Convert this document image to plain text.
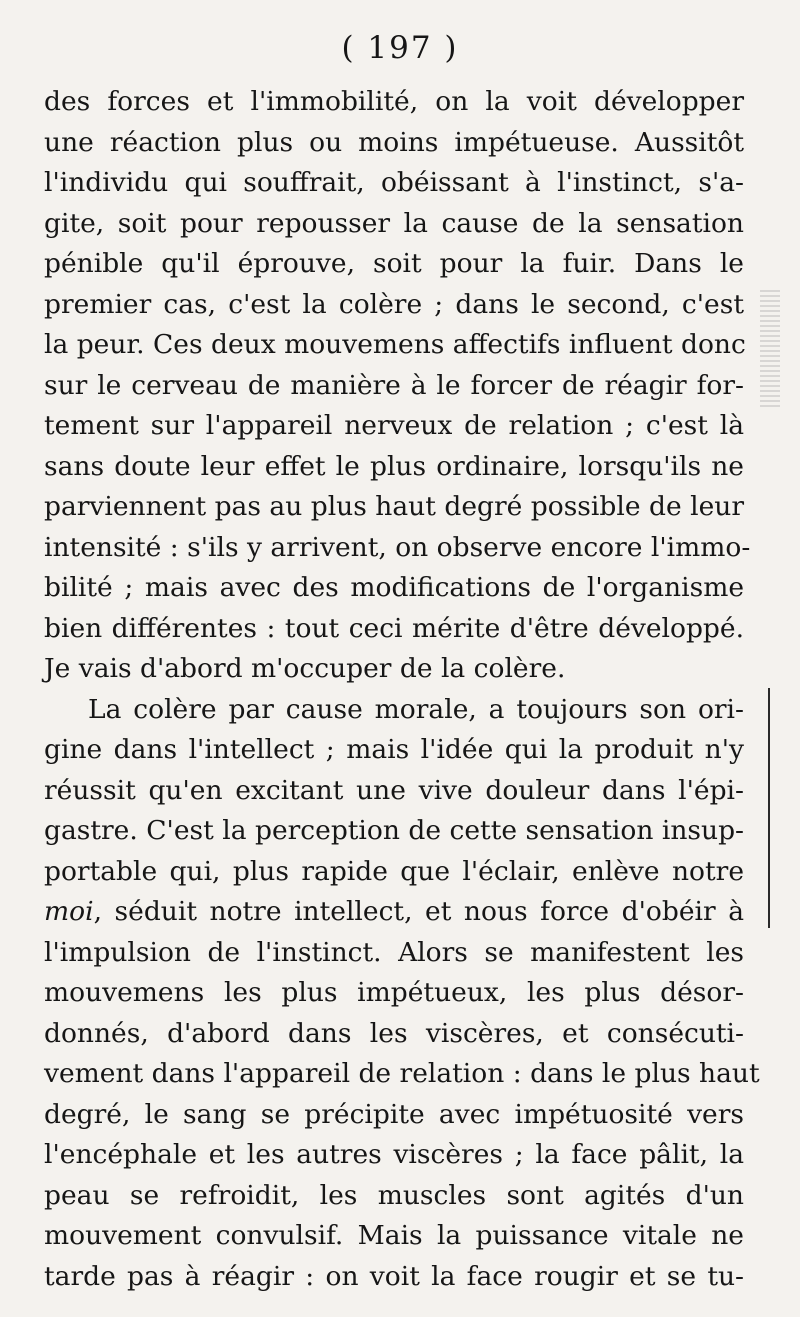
( 197 )
des forces et l'immobilité, on la voit développer
une réaction plus ou moins impétueuse. Aussitôt
l'individu qui souffrait, obéissant à l'instinct, s'a-
gite, soit pour repousser la cause de la sensation
pénible qu'il éprouve, soit pour la fuir. Dans le
premier cas, c'est la colère ; dans le second, c'est
la peur. Ces deux mouvemens affectifs influent donc
sur le cerveau de manière à le forcer de réagir for-
tement sur l'appareil nerveux de relation ; c'est là
sans doute leur effet le plus ordinaire, lorsqu'ils ne
parviennent pas au plus haut degré possible de leur
intensité : s'ils y arrivent, on observe encore l'immo-
bilité ; mais avec des modifications de l'organisme
bien différentes : tout ceci mérite d'être développé.
Je vais d'abord m'occuper de la colère.
La colère par cause morale, a toujours son ori-
gine dans l'intellect ; mais l'idée qui la produit n'y
réussit qu'en excitant une vive douleur dans l'épi-
gastre. C'est la perception de cette sensation insup-
portable qui, plus rapide que l'éclair, enlève notre
moi, séduit notre intellect, et nous force d'obéir à
l'impulsion de l'instinct. Alors se manifestent les
mouvemens les plus impétueux, les plus désor-
donnés, d'abord dans les viscères, et consécuti-
vement dans l'appareil de relation : dans le plus haut
degré, le sang se précipite avec impétuosité vers
l'encéphale et les autres viscères ; la face pâlit, la
peau se refroidit, les muscles sont agités d'un
mouvement convulsif. Mais la puissance vitale ne
tarde pas à réagir : on voit la face rougir et se tu-
